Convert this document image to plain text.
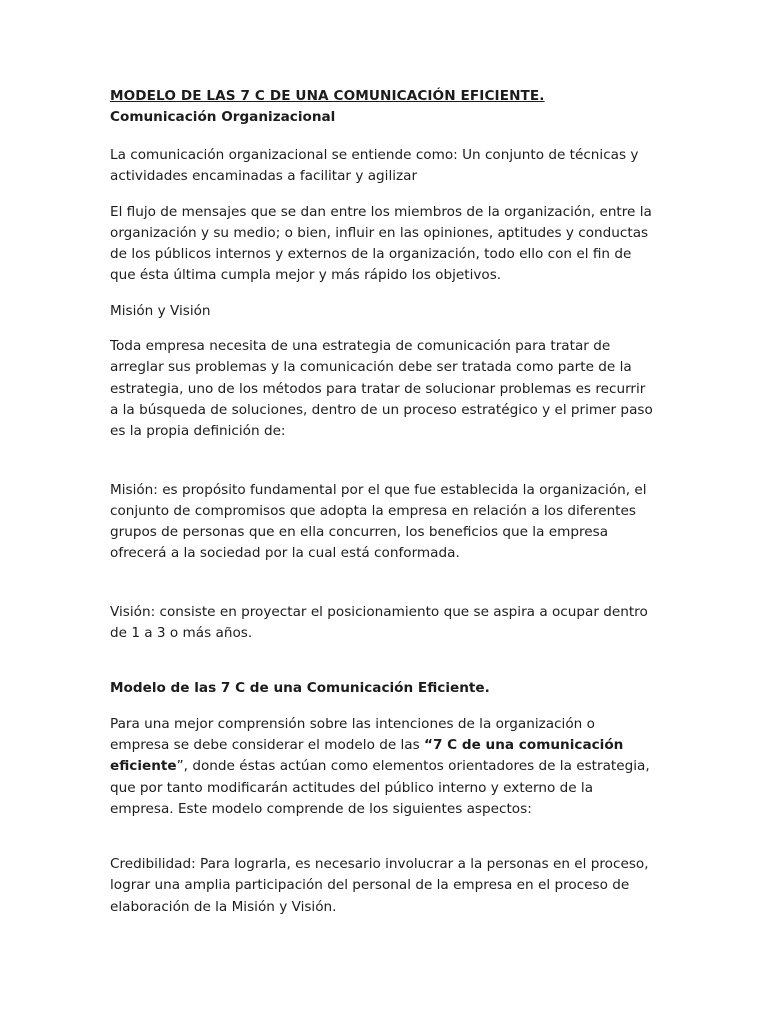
MODELO DE LAS 7 C DE UNA COMUNICACIÓN EFICIENTE.

Comunicación Organizacional

La comunicación organizacional se entiende como: Un conjunto de técnicas y actividades encaminadas a facilitar y agilizar

El flujo de mensajes que se dan entre los miembros de la organización, entre la organización y su medio; o bien, influir en las opiniones, aptitudes y conductas de los públicos internos y externos de la organización, todo ello con el fin de que ésta última cumpla mejor y más rápido los objetivos.

Misión y Visión

Toda empresa necesita de una estrategia de comunicación para tratar de arreglar sus problemas y la comunicación debe ser tratada como parte de la estrategia, uno de los métodos para tratar de solucionar problemas es recurrir a la búsqueda de soluciones, dentro de un proceso estratégico y el primer paso es la propia definición de:

Misión: es propósito fundamental por el que fue establecida la organización, el conjunto de compromisos que adopta la empresa en relación a los diferentes grupos de personas que en ella concurren, los beneficios que la empresa ofrecerá a la sociedad por la cual está conformada.

Visión: consiste en proyectar el posicionamiento que se aspira a ocupar dentro de 1 a 3 o más años.

Modelo de las 7 C de una Comunicación Eficiente.

Para una mejor comprensión sobre las intenciones de la organización o empresa se debe considerar el modelo de las “7 C de una comunicación eficiente”, donde éstas actúan como elementos orientadores de la estrategia, que por tanto modificarán actitudes del público interno y externo de la empresa. Este modelo comprende de los siguientes aspectos:

Credibilidad: Para lograrla, es necesario involucrar a la personas en el proceso, lograr una amplia participación del personal de la empresa en el proceso de elaboración de la Misión y Visión.
